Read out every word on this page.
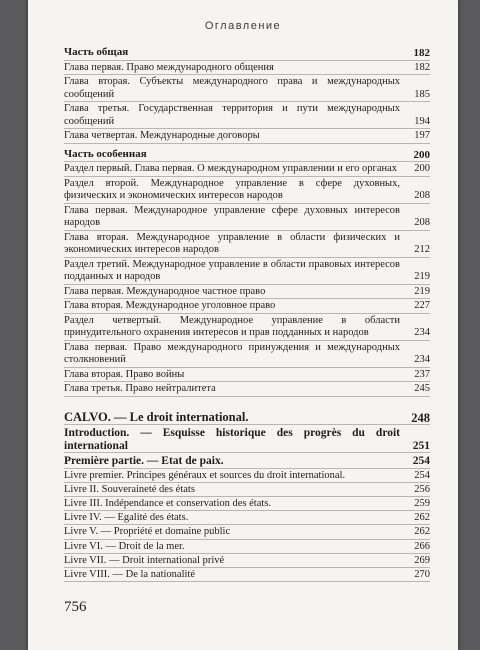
Оглавление
Часть общая	182
Глава первая. Право международного общения	182
Глава вторая. Субъекты международного права и международных сообщений	185
Глава третья. Государственная территория и пути международных сообщений	194
Глава четвертая. Международные договоры	197
Часть особенная	200
Раздел первый. Глава первая. О международном управлении и его органах	200
Раздел второй. Международное управление в сфере духовных, физических и экономических интересов народов	208
Глава первая. Международное управление сфере духовных интересов народов	208
Глава вторая. Международное управление в области физических и экономических интересов народов	212
Раздел третий. Международное управление в области правовых интересов подданных и народов	219
Глава первая. Международное частное право	219
Глава вторая. Международное уголовное право	227
Раздел четвертый. Международное управление в области принудительного охранения интересов и прав подданных и народов	234
Глава первая. Право международного принуждения и международных столкновений	234
Глава вторая. Право войны	237
Глава третья. Право нейтралитета	245
CALVO. — Le droit international.	248
Introduction. — Esquisse historique des progrès du droit international	251
Première partie. — Etat de paix.	254
Livre premier. Principes généraux et sources du droit international.	254
Livre II. Souveraineté des états	256
Livre III. Indépendance et conservation des états.	259
Livre IV. — Egalité des états.	262
Livre V. — Propriété et domaine public	262
Livre VI. — Droit de la mer.	266
Livre VII. — Droit international privé	269
Livre VIII. — De la nationalité	270
756
